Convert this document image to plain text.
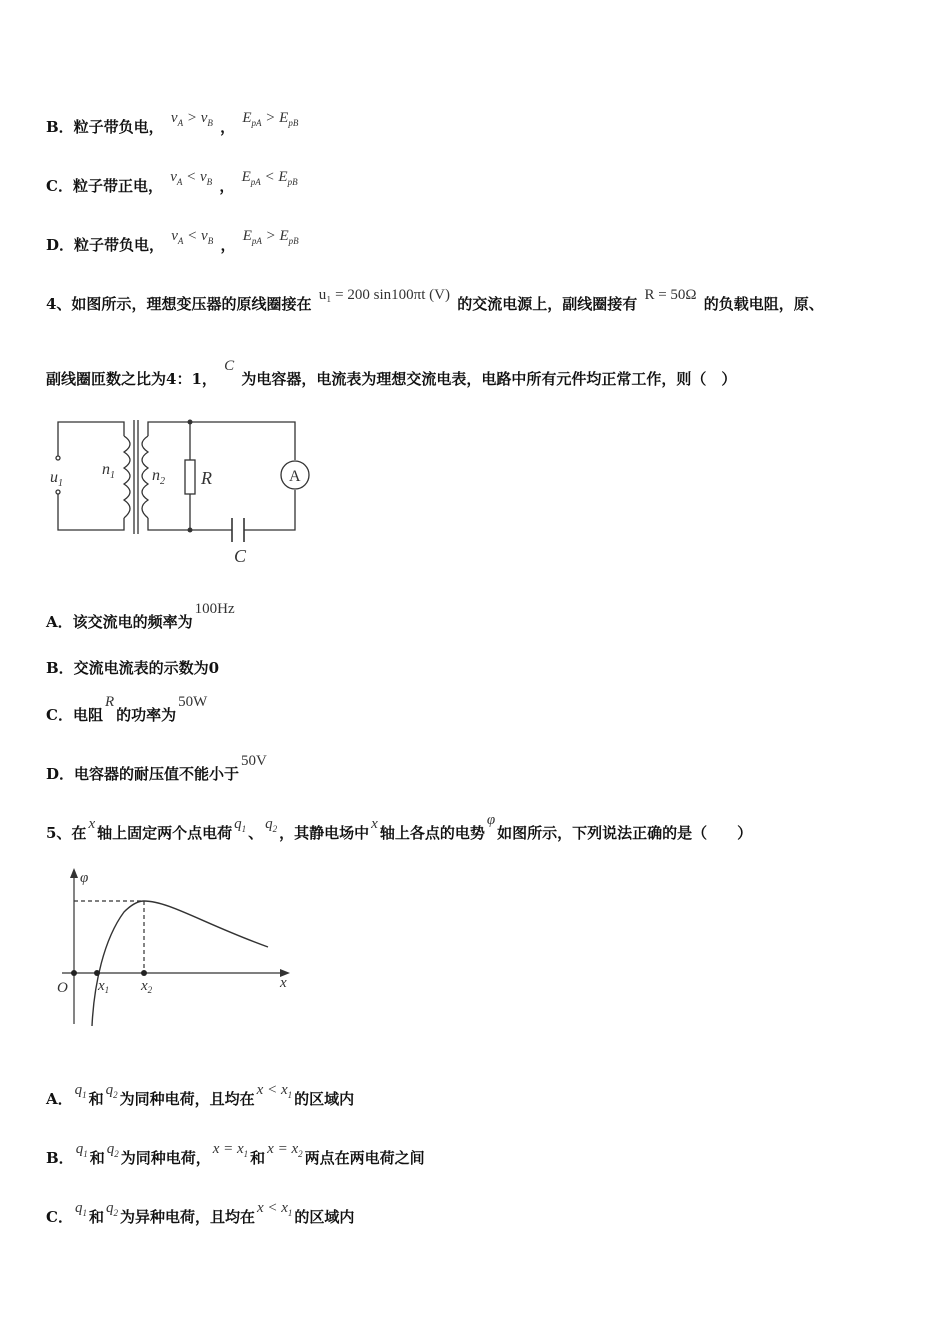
B．粒子带负电， $v_A > v_B$ ， $E_{pA} > E_{pB}$
C．粒子带正电， $v_A < v_B$ ， $E_{pA} < E_{pB}$
D．粒子带负电， $v_A < v_B$ ， $E_{pA} > E_{pB}$
4、如图所示，理想变压器的原线圈接在 u₁ = 200 sin100πt (V) 的交流电源上，副线圈接有 R = 50Ω 的负载电阻，原、
副线圈匝数之比为4：1， C 为电容器，电流表为理想交流电表，电路中所有元件均正常工作，则（　）
$u_1$
$n_1$ $n_2$ R	A
C
A．该交流电的频率为100Hz
B．交流电流表的示数为0
C．电阻R的功率为50W
D．电容器的耐压值不能小于50V
5、在 x 轴上固定两个点电荷 $q_1$ 、 $q_2$ ，其静电场中 x 轴上各点的电势φ如图所示，下列说法正确的是（　　）
φ
O $x_1$ $x_2$	x
A． $q_1$ 和 $q_2$ 为同种电荷，且均在 $x < x_1$ 的区域内
B． $q_1$ 和 $q_2$ 为同种电荷， $x = x_1$ 和 $x = x_2$ 两点在两电荷之间
C． $q_1$ 和 $q_2$ 为异种电荷，且均在 $x < x_1$ 的区域内
